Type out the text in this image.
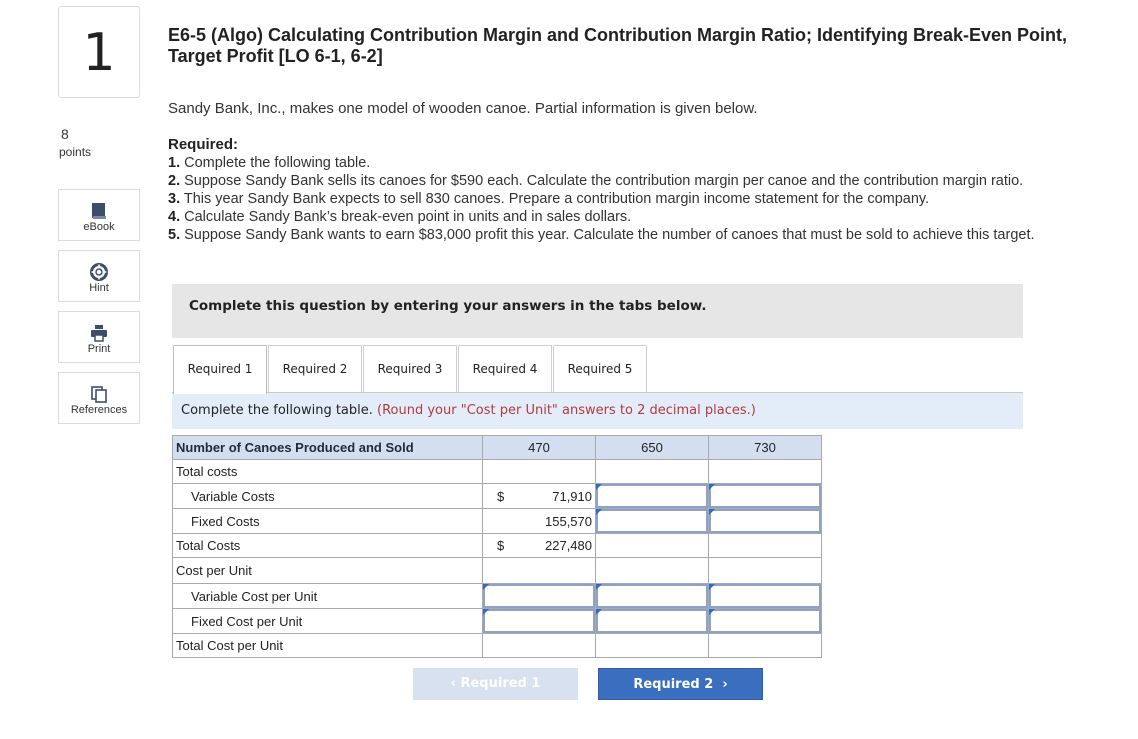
1
8
points
eBook
Hint
Print
References
E6-5 (Algo) Calculating Contribution Margin and Contribution Margin Ratio; Identifying Break-Even Point, Target Profit [LO 6-1, 6-2]
Sandy Bank, Inc., makes one model of wooden canoe. Partial information is given below.
Required:
1. Complete the following table.
2. Suppose Sandy Bank sells its canoes for $590 each. Calculate the contribution margin per canoe and the contribution margin ratio.
3. This year Sandy Bank expects to sell 830 canoes. Prepare a contribution margin income statement for the company.
4. Calculate Sandy Bank’s break-even point in units and in sales dollars.
5. Suppose Sandy Bank wants to earn $83,000 profit this year. Calculate the number of canoes that must be sold to achieve this target.
Complete this question by entering your answers in the tabs below.
Required 1	Required 2	Required 3	Required 4	Required 5
Complete the following table. (Round your "Cost per Unit" answers to 2 decimal places.)
Number of Canoes Produced and Sold	470	650	730
Total costs			
Variable Costs	$ 71,910	

Fixed Costs	155,570	

Total Costs	$ 227,480		
Cost per Unit			
Variable Cost per Unit	

Fixed Cost per Unit	

Total Cost per Unit			
‹ Required 1	Required 2  ›
